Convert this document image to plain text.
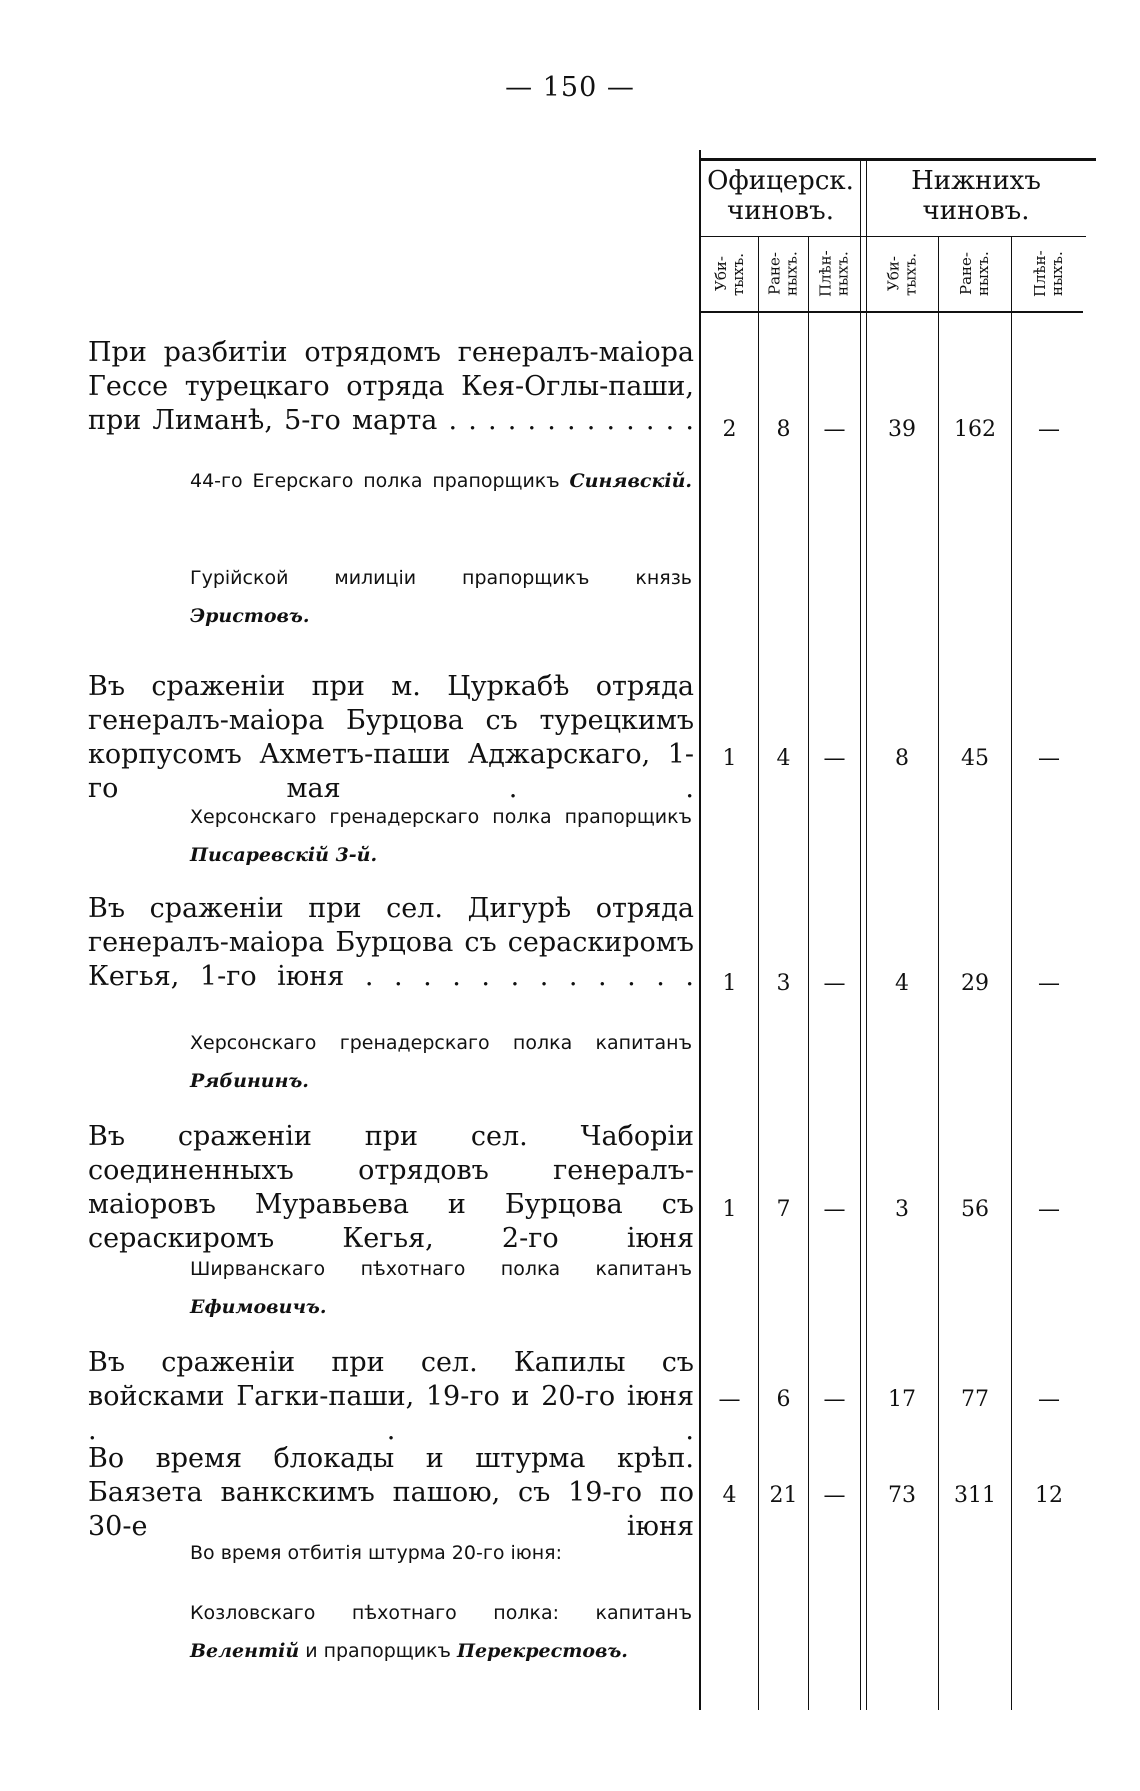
— 150 —
Офицерск. чиновъ.
Нижнихъ чиновъ.
Уби-тыхъ.	Ране-ныхъ.	Плѣн-ныхъ.	Уби-тыхъ.	Ране-ныхъ.	Плѣн-ныхъ.
При разбитіи отрядомъ генералъ-маіора Гессе турецкаго отряда Кея-Оглы-паши, при Лиманѣ, 5-го марта . . . . . . . . . . . . .	2	8	—	39	162	—
44-го Егерскаго полка прапорщикъ Синявскій.
Гурійской милиціи прапорщикъ князь Эристовъ.
Въ сраженіи при м. Цуркабѣ отряда генералъ-маіора Бурцова съ турецкимъ корпусомъ Ахметъ-паши Аджарскаго, 1-го мая . .
1	4	—	8	45	—
Херсонскаго гренадерскаго полка прапорщикъ Писаревскій 3-й.
Въ сраженіи при сел. Дигурѣ отряда генералъ-маіора Бурцова съ сераскиромъ Кегья, 1-го іюня . . . . . . . . . . . .	1	3	—	4	29	—
Херсонскаго гренадерскаго полка капитанъ Рябининъ.
Въ сраженіи при сел. Чаборіи соединенныхъ отрядовъ генералъ-маіоровъ Муравьева и Бурцова съ сераскиромъ Кегья, 2-го іюня
1	7	—	3	56	—
Ширванскаго пѣхотнаго полка капитанъ Ефимовичъ.
Въ сраженіи при сел. Капилы съ войсками Гагки-паши, 19-го и 20-го іюня . . .
—	6	—	17	77	—
Во время блокады и штурма крѣп. Баязета ванкскимъ пашою, съ 19-го по 30-е іюня
4	21	—	73	311	12
Во время отбитія штурма 20-го іюня:
Козловскаго пѣхотнаго полка: капитанъ Велентій и прапорщикъ Перекрестовъ.
